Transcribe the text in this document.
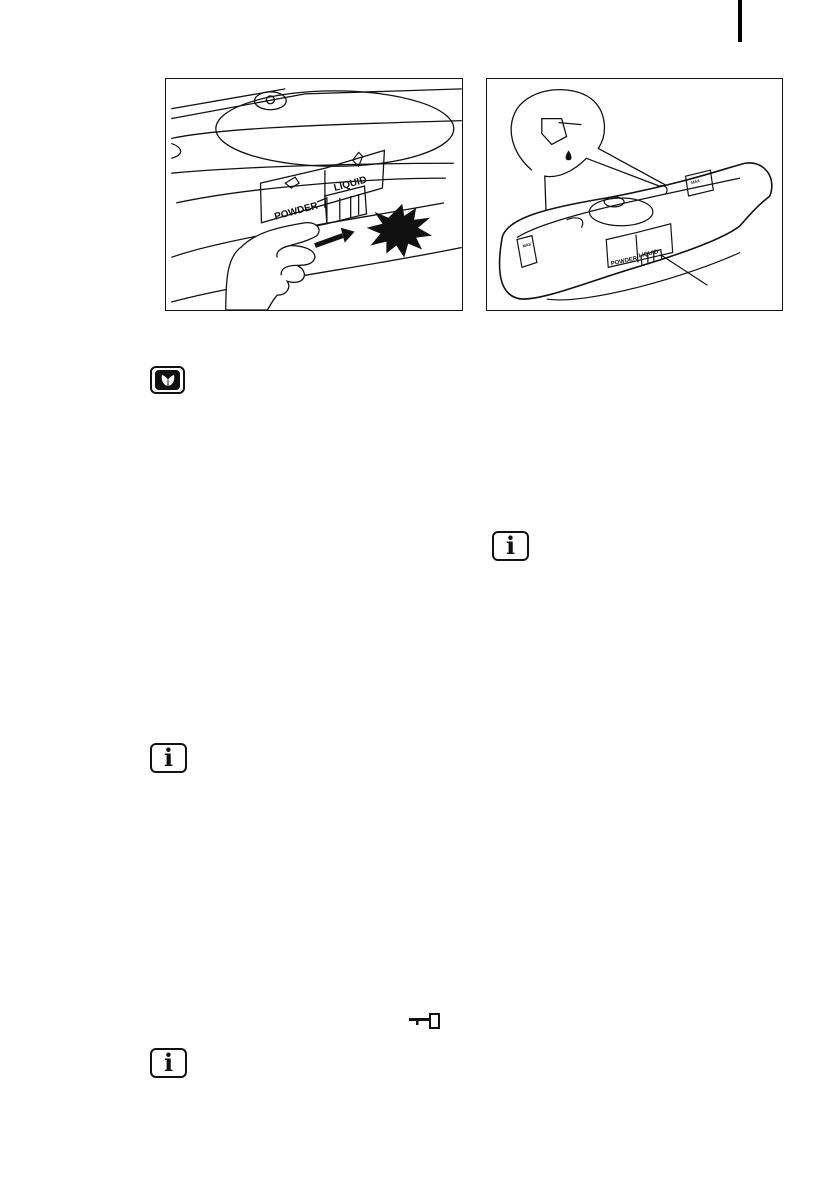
POWDER
LIQUID
POWDER
LIQUID
MAX
MAX
i
i
i
